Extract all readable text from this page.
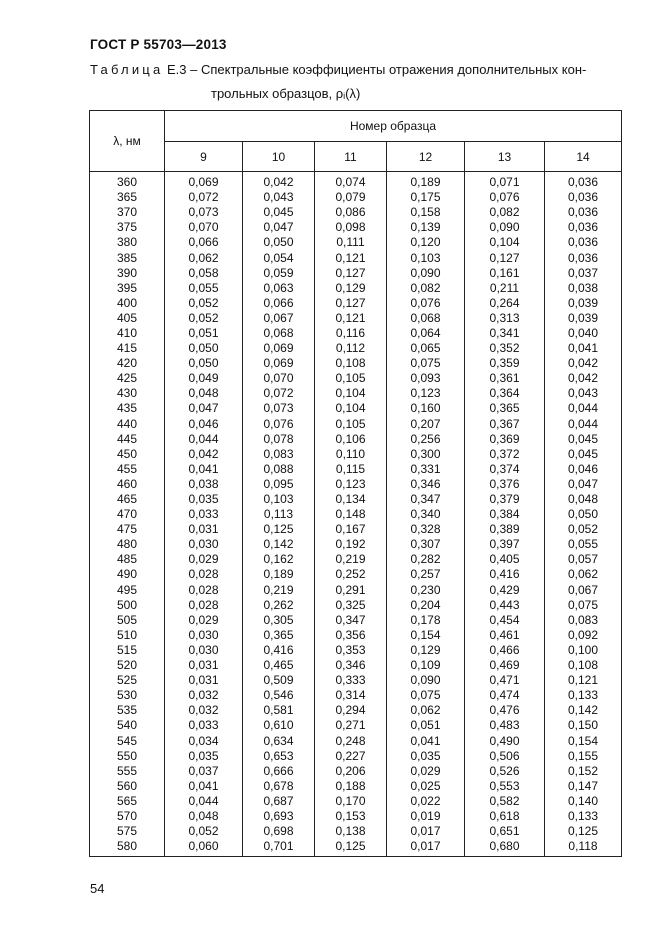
ГОСТ Р 55703—2013
Таблица Е.3 – Спектральные коэффициенты отражения дополнительных кон-
трольных образцов, ρᵢ(λ)
λ, нм	Номер образца					
	9	10	11	12	13	14
360	0,069	0,042	0,074	0,189	0,071	0,036
365	0,072	0,043	0,079	0,175	0,076	0,036
370	0,073	0,045	0,086	0,158	0,082	0,036
375	0,070	0,047	0,098	0,139	0,090	0,036
380	0,066	0,050	0,111	0,120	0,104	0,036
385	0,062	0,054	0,121	0,103	0,127	0,036
390	0,058	0,059	0,127	0,090	0,161	0,037
395	0,055	0,063	0,129	0,082	0,211	0,038
400	0,052	0,066	0,127	0,076	0,264	0,039
405	0,052	0,067	0,121	0,068	0,313	0,039
410	0,051	0,068	0,116	0,064	0,341	0,040
415	0,050	0,069	0,112	0,065	0,352	0,041
420	0,050	0,069	0,108	0,075	0,359	0,042
425	0,049	0,070	0,105	0,093	0,361	0,042
430	0,048	0,072	0,104	0,123	0,364	0,043
435	0,047	0,073	0,104	0,160	0,365	0,044
440	0,046	0,076	0,105	0,207	0,367	0,044
445	0,044	0,078	0,106	0,256	0,369	0,045
450	0,042	0,083	0,110	0,300	0,372	0,045
455	0,041	0,088	0,115	0,331	0,374	0,046
460	0,038	0,095	0,123	0,346	0,376	0,047
465	0,035	0,103	0,134	0,347	0,379	0,048
470	0,033	0,113	0,148	0,340	0,384	0,050
475	0,031	0,125	0,167	0,328	0,389	0,052
480	0,030	0,142	0,192	0,307	0,397	0,055
485	0,029	0,162	0,219	0,282	0,405	0,057
490	0,028	0,189	0,252	0,257	0,416	0,062
495	0,028	0,219	0,291	0,230	0,429	0,067
500	0,028	0,262	0,325	0,204	0,443	0,075
505	0,029	0,305	0,347	0,178	0,454	0,083
510	0,030	0,365	0,356	0,154	0,461	0,092
515	0,030	0,416	0,353	0,129	0,466	0,100
520	0,031	0,465	0,346	0,109	0,469	0,108
525	0,031	0,509	0,333	0,090	0,471	0,121
530	0,032	0,546	0,314	0,075	0,474	0,133
535	0,032	0,581	0,294	0,062	0,476	0,142
540	0,033	0,610	0,271	0,051	0,483	0,150
545	0,034	0,634	0,248	0,041	0,490	0,154
550	0,035	0,653	0,227	0,035	0,506	0,155
555	0,037	0,666	0,206	0,029	0,526	0,152
560	0,041	0,678	0,188	0,025	0,553	0,147
565	0,044	0,687	0,170	0,022	0,582	0,140
570	0,048	0,693	0,153	0,019	0,618	0,133
575	0,052	0,698	0,138	0,017	0,651	0,125
580	0,060	0,701	0,125	0,017	0,680	0,118
54
